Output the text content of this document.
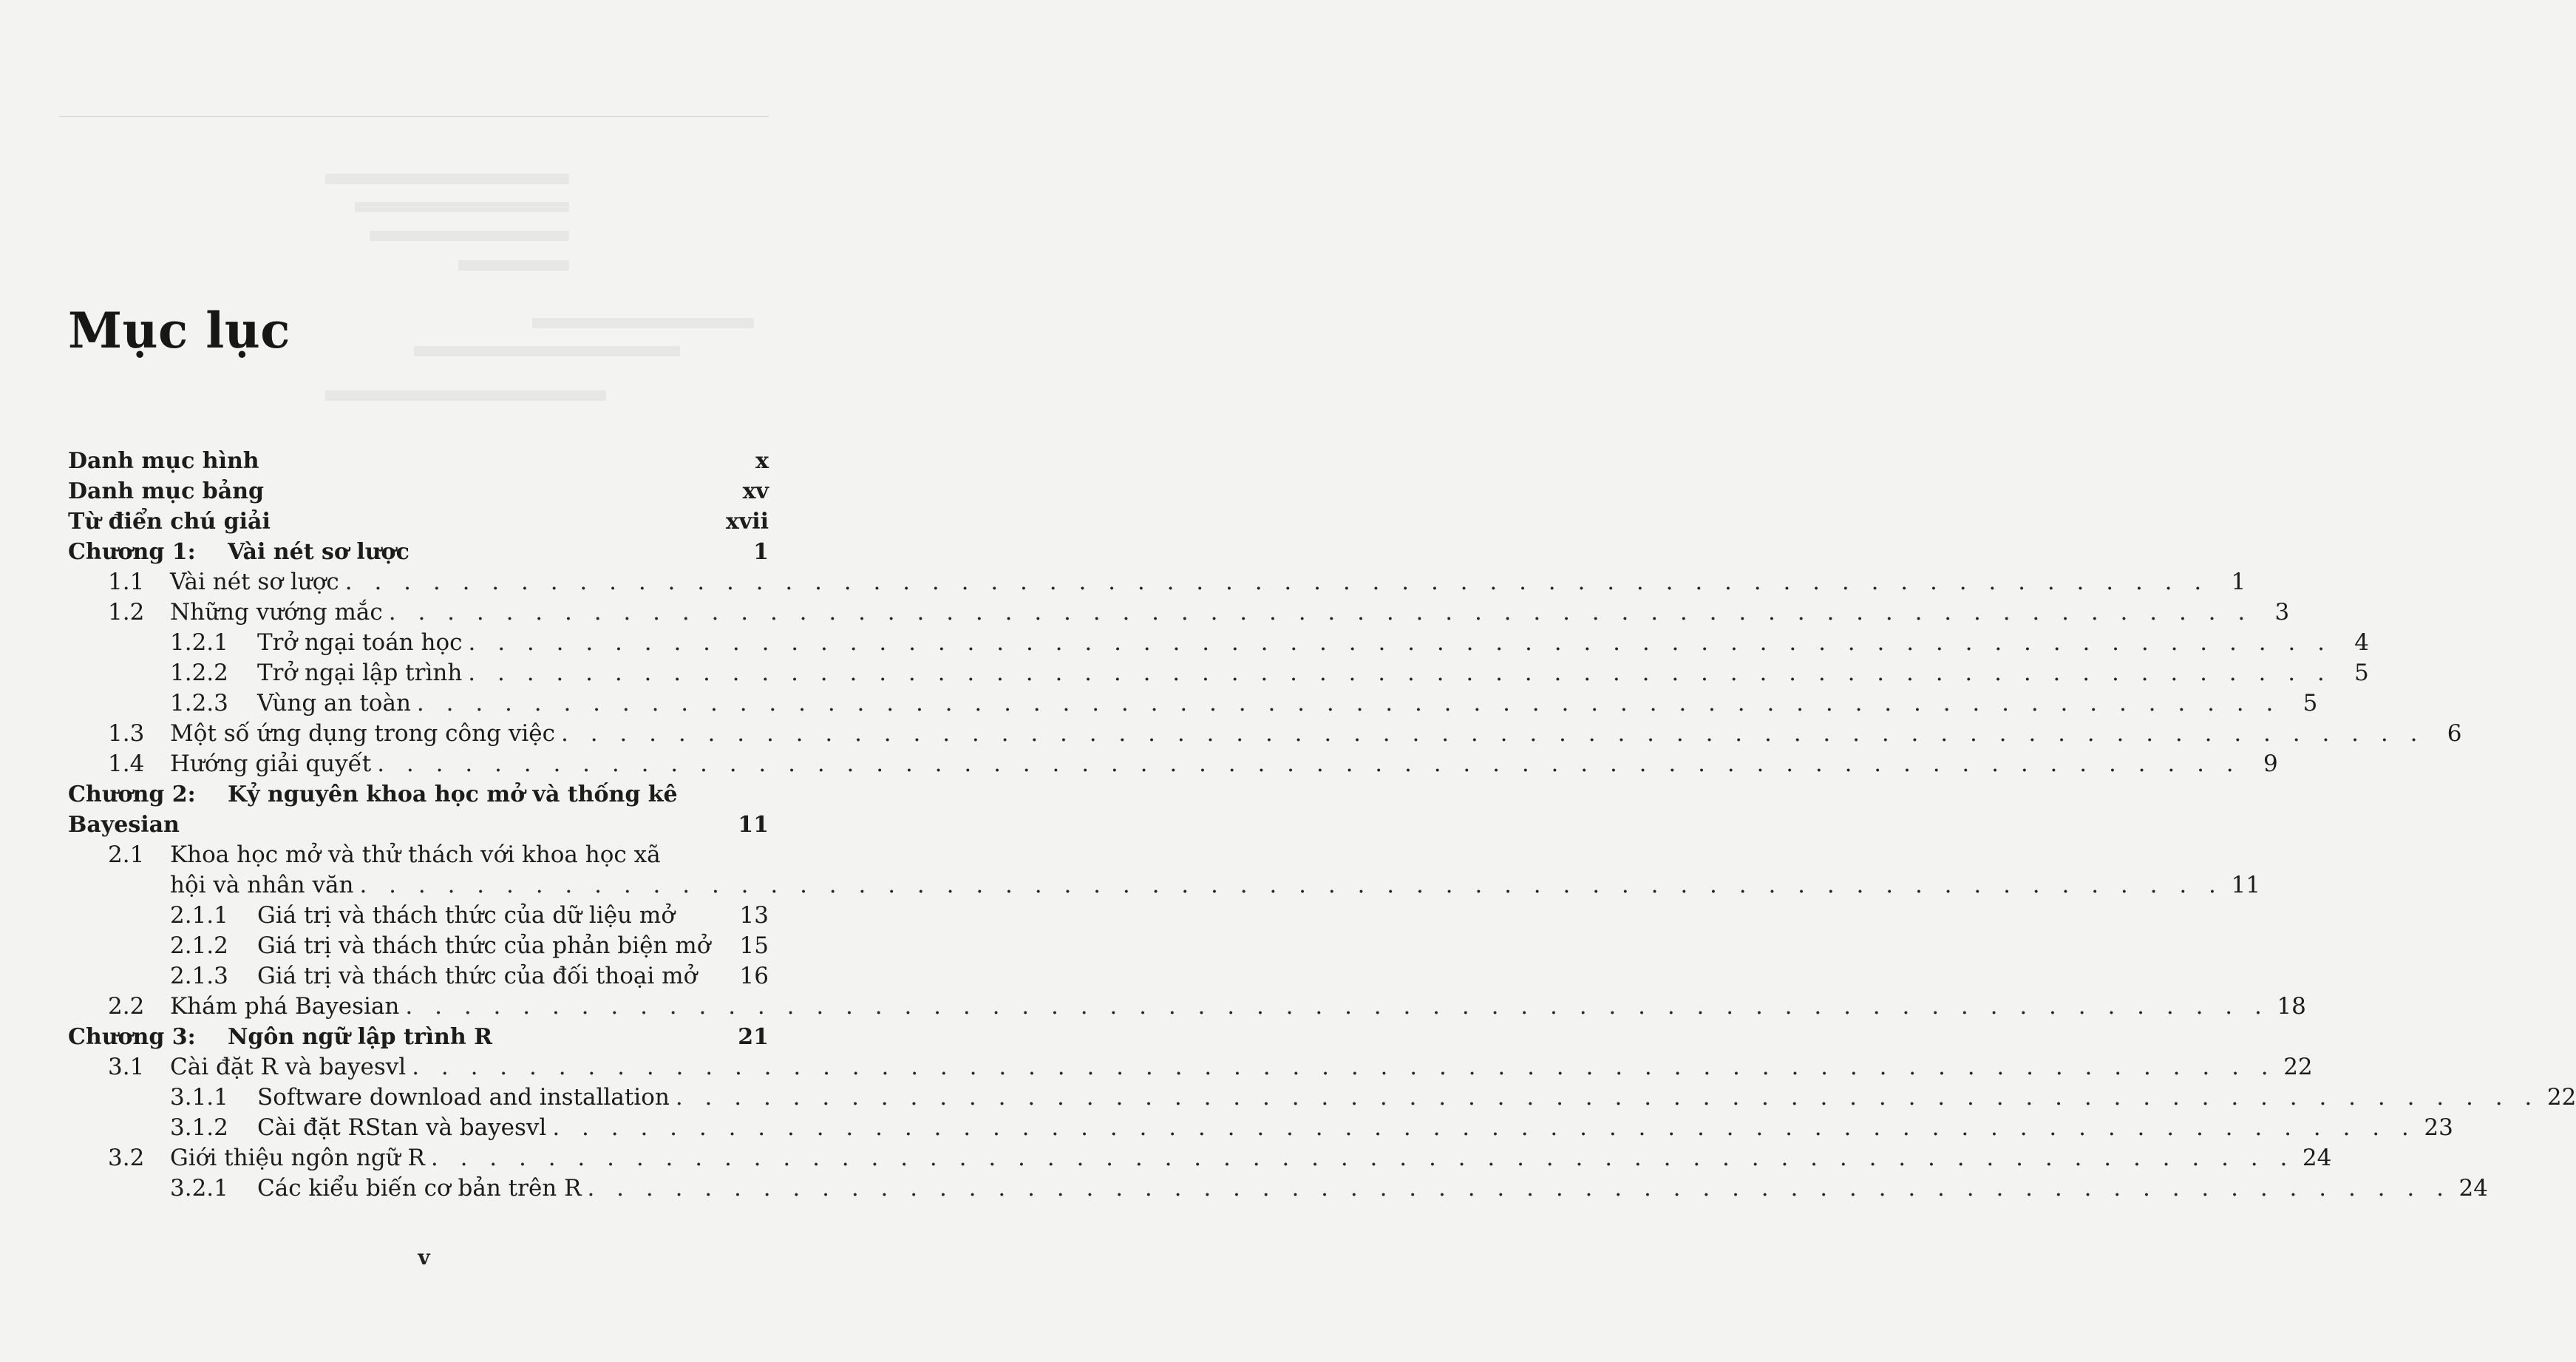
Mục lục
Danh mục hình	x
Danh mục bảng	xv
Từ điển chú giải	xvii
Chương 1:	Vài nét sơ lược	1
1.1	Vài nét sơ lược . . .	1
1.2	Những vướng mắc . . .	3
1.2.1	Trở ngại toán học . . .	4
1.2.2	Trở ngại lập trình . . .	5
1.2.3	Vùng an toàn . . .	5
1.3	Một số ứng dụng trong công việc . . .	6
1.4	Hướng giải quyết . . .	9
Chương 2:	Kỷ nguyên khoa học mở và thống kê
Bayesian	11
2.1	Khoa học mở và thử thách với khoa học xã
hội và nhân văn . . .	11
2.1.1	Giá trị và thách thức của dữ liệu mở	13
2.1.2	Giá trị và thách thức của phản biện mở	15
2.1.3	Giá trị và thách thức của đối thoại mở	16
2.2	Khám phá Bayesian . . .	18
Chương 3:	Ngôn ngữ lập trình R	21
3.1	Cài đặt R và bayesvl . . .	22
3.1.1	Software download and installation . . .	22
3.1.2	Cài đặt RStan và bayesvl . . .	23
3.2	Giới thiệu ngôn ngữ R . . .	24
3.2.1	Các kiểu biến cơ bản trên R . . .	24
v
